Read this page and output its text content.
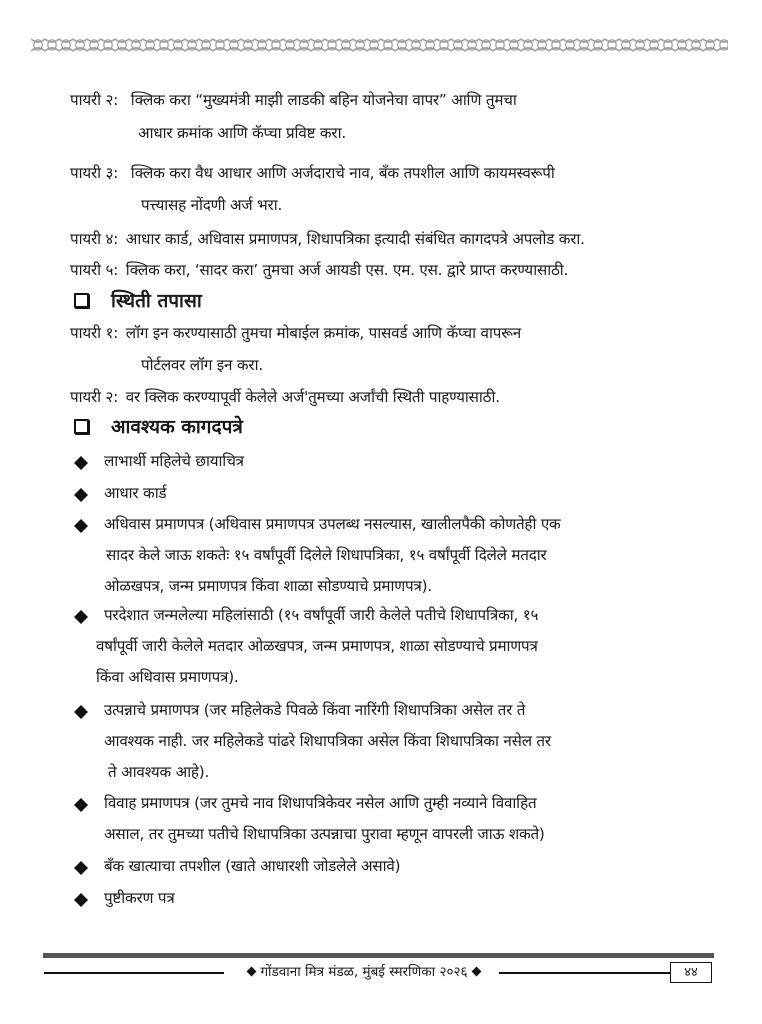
पायरी २: क्लिक करा “मुख्यमंत्री माझी लाडकी बहिन योजनेचा वापर” आणि तुमचा
आधार क्रमांक आणि कॅप्चा प्रविष्ट करा.
पायरी ३: क्लिक करा वैध आधार आणि अर्जदाराचे नाव, बँक तपशील आणि कायमस्वरूपी
पत्त्यासह नोंदणी अर्ज भरा.
पायरी ४: आधार कार्ड, अधिवास प्रमाणपत्र, शिधापत्रिका इत्यादी संबंधित कागदपत्रे अपलोड करा.
पायरी ५: क्लिक करा, ‘सादर करा’ तुमचा अर्ज आयडी एस. एम. एस. द्वारे प्राप्त करण्यासाठी.
स्थिती तपासा
पायरी १: लॉग इन करण्यासाठी तुमचा मोबाईल क्रमांक, पासवर्ड आणि कॅप्चा वापरून
पोर्टलवर लॉग इन करा.
पायरी २: वर क्लिक करण्यापूर्वी केलेले अर्ज'तुमच्या अर्जांची स्थिती पाहण्यासाठी.
आवश्यक कागदपत्रे
लाभार्थी महिलेचे छायाचित्र
आधार कार्ड
अधिवास प्रमाणपत्र (अधिवास प्रमाणपत्र उपलब्ध नसल्यास, खालीलपैकी कोणतेही एक
सादर केले जाऊ शकतेः १५ वर्षांपूर्वी दिलेले शिधापत्रिका, १५ वर्षांपूर्वी दिलेले मतदार
ओळखपत्र, जन्म प्रमाणपत्र किंवा शाळा सोडण्याचे प्रमाणपत्र).
परदेशात जन्मलेल्या महिलांसाठी (१५ वर्षांपूर्वी जारी केलेले पतीचे शिधापत्रिका, १५
वर्षांपूर्वी जारी केलेले मतदार ओळखपत्र, जन्म प्रमाणपत्र, शाळा सोडण्याचे प्रमाणपत्र
किंवा अधिवास प्रमाणपत्र).
उत्पन्नाचे प्रमाणपत्र (जर महिलेकडे पिवळे किंवा नारिंगी शिधापत्रिका असेल तर ते
आवश्यक नाही. जर महिलेकडे पांढरे शिधापत्रिका असेल किंवा शिधापत्रिका नसेल तर
ते आवश्यक आहे).
विवाह प्रमाणपत्र (जर तुमचे नाव शिधापत्रिकेवर नसेल आणि तुम्ही नव्याने विवाहित
असाल, तर तुमच्या पतीचे शिधापत्रिका उत्पन्नाचा पुरावा म्हणून वापरली जाऊ शकते)
बँक खात्याचा तपशील (खाते आधारशी जोडलेले असावे)
पुष्टीकरण पत्र
गोंडवाना मित्र मंडळ, मुंबई स्मरणिका २०२६	४४
